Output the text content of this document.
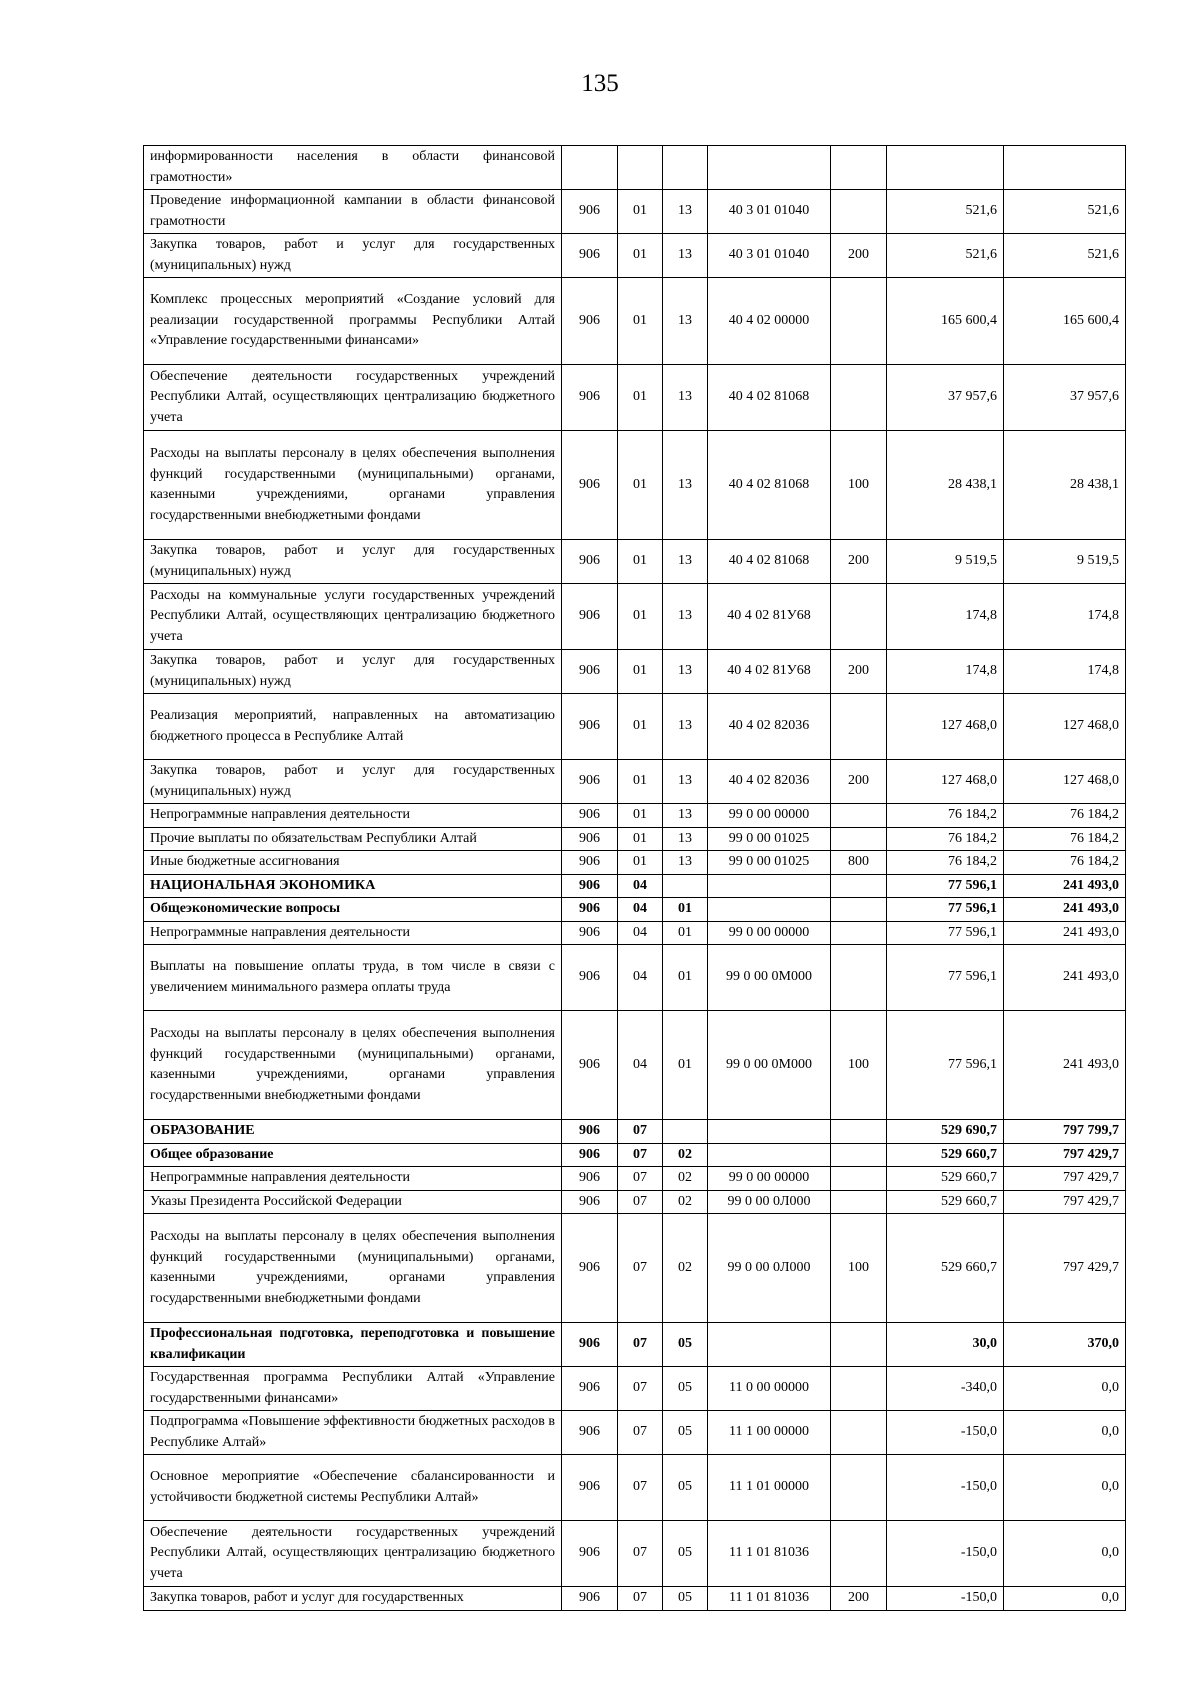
135
информированности населения в области финансовой грамотности»							
Проведение информационной кампании в области финансовой грамотности	906	01	13	40 3 01 01040		521,6	521,6
Закупка товаров, работ и услуг для государственных (муниципальных) нужд	906	01	13	40 3 01 01040	200	521,6	521,6
Комплекс процессных мероприятий «Создание условий для реализации государственной программы Республики Алтай «Управление государственными финансами»	906	01	13	40 4 02 00000		165 600,4	165 600,4
Обеспечение деятельности государственных учреждений Республики Алтай, осуществляющих централизацию бюджетного учета	906	01	13	40 4 02 81068		37 957,6	37 957,6
Расходы на выплаты персоналу в целях обеспечения выполнения функций государственными (муниципальными) органами, казенными учреждениями, органами управления государственными внебюджетными фондами	906	01	13	40 4 02 81068	100	28 438,1	28 438,1
Закупка товаров, работ и услуг для государственных (муниципальных) нужд	906	01	13	40 4 02 81068	200	9 519,5	9 519,5
Расходы на коммунальные услуги государственных учреждений Республики Алтай, осуществляющих централизацию бюджетного учета	906	01	13	40 4 02 81У68		174,8	174,8
Закупка товаров, работ и услуг для государственных (муниципальных) нужд	906	01	13	40 4 02 81У68	200	174,8	174,8
Реализация мероприятий, направленных на автоматизацию бюджетного процесса в Республике Алтай	906	01	13	40 4 02 82036		127 468,0	127 468,0
Закупка товаров, работ и услуг для государственных (муниципальных) нужд	906	01	13	40 4 02 82036	200	127 468,0	127 468,0
Непрограммные направления деятельности	906	01	13	99 0 00 00000		76 184,2	76 184,2
Прочие выплаты по обязательствам Республики Алтай	906	01	13	99 0 00 01025		76 184,2	76 184,2
Иные бюджетные ассигнования	906	01	13	99 0 00 01025	800	76 184,2	76 184,2
НАЦИОНАЛЬНАЯ ЭКОНОМИКА	906	04				77 596,1	241 493,0
Общеэкономические вопросы	906	04	01			77 596,1	241 493,0
Непрограммные направления деятельности	906	04	01	99 0 00 00000		77 596,1	241 493,0
Выплаты на повышение оплаты труда, в том числе в связи с увеличением минимального размера оплаты труда	906	04	01	99 0 00 0М000		77 596,1	241 493,0
Расходы на выплаты персоналу в целях обеспечения выполнения функций государственными (муниципальными) органами, казенными учреждениями, органами управления государственными внебюджетными фондами	906	04	01	99 0 00 0М000	100	77 596,1	241 493,0
ОБРАЗОВАНИЕ	906	07				529 690,7	797 799,7
Общее образование	906	07	02			529 660,7	797 429,7
Непрограммные направления деятельности	906	07	02	99 0 00 00000		529 660,7	797 429,7
Указы Президента Российской Федерации	906	07	02	99 0 00 0Л000		529 660,7	797 429,7
Расходы на выплаты персоналу в целях обеспечения выполнения функций государственными (муниципальными) органами, казенными учреждениями, органами управления государственными внебюджетными фондами	906	07	02	99 0 00 0Л000	100	529 660,7	797 429,7
Профессиональная подготовка, переподготовка и повышение квалификации	906	07	05			30,0	370,0
Государственная программа Республики Алтай «Управление государственными финансами»	906	07	05	11 0 00 00000		-340,0	0,0
Подпрограмма «Повышение эффективности бюджетных расходов в Республике Алтай»	906	07	05	11 1 00 00000		-150,0	0,0
Основное мероприятие «Обеспечение сбалансированности и устойчивости бюджетной системы Республики Алтай»	906	07	05	11 1 01 00000		-150,0	0,0
Обеспечение деятельности государственных учреждений Республики Алтай, осуществляющих централизацию бюджетного учета	906	07	05	11 1 01 81036		-150,0	0,0
Закупка товаров, работ и услуг для государственных	906	07	05	11 1 01 81036	200	-150,0	0,0
